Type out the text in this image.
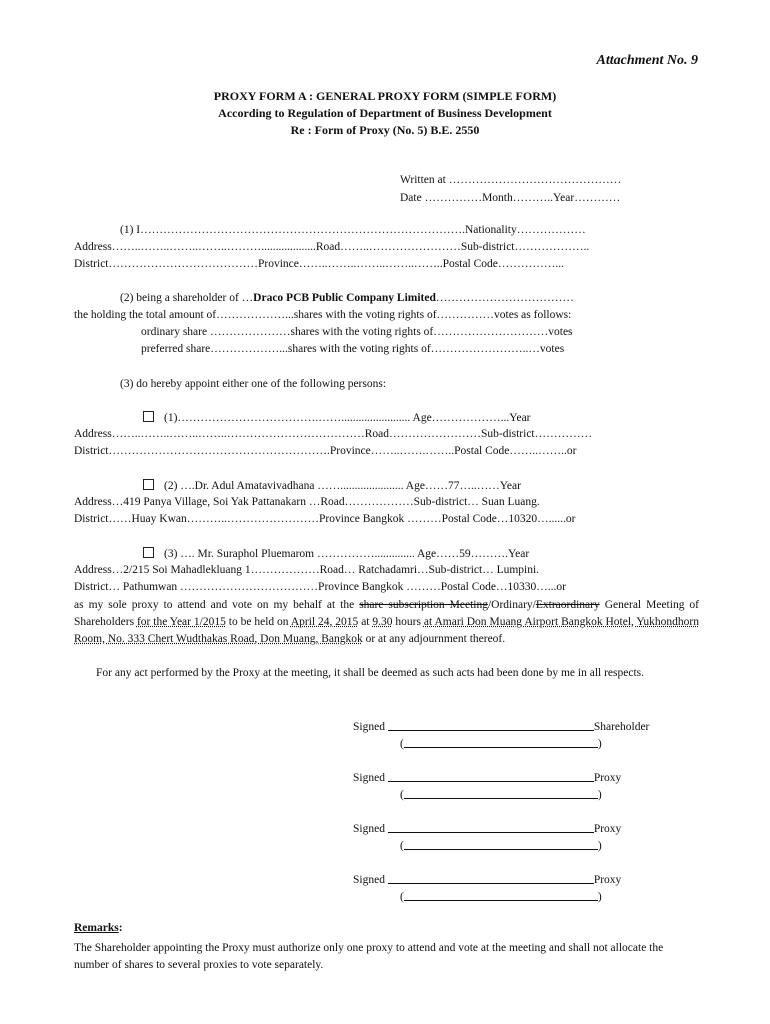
Attachment No. 9
PROXY FORM A : GENERAL PROXY FORM (SIMPLE FORM)
According to Regulation of Department of Business Development
Re : Form of Proxy (No. 5) B.E. 2550
Written at ………………………………………
Date ……………Month………..Year…………
(1) I………………………………………………………………………….Nationality………………
Address……..……..……..……..………...................Road……..……………………Sub-district………………..
District…………………………………Province……..……..……..……..……..Postal Code……………...
(2) being a shareholder of …Draco PCB Public Company Limited………………………………
the holding the total amount of………………...shares with the voting rights of……………votes as follows:
ordinary share …………………shares with the voting rights of…………………………votes
preferred share………………...shares with the voting rights of……………………..…votes
(3) do hereby appoint either one of the following persons:
(1)……………………………….……........................ Age………………...Year
Address……..……..……..……..………………………………Road……………………Sub-district……………
District………………………………………………….Province……..…….……..Postal Code……..……..or
(2) ….Dr. Adul Amatavivadhana ……...................... Age……77…..……Year
Address…419 Panya Village, Soi Yak Pattanakarn …Road………………Sub-district… Suan Luang.
District……Huay Kwan………..……………………Province Bangkok ………Postal Code…10320…......or
(3) …. Mr. Suraphol Pluemarom …………….............. Age……59……….Year
Address…2/215 Soi Mahadlekluang 1………………Road… Ratchadamri…Sub-district… Lumpini.
District… Pathumwan ………………………………Province Bangkok ………Postal Code…10330…...or
as my sole proxy to attend and vote on my behalf at the share subscription Meeting/Ordinary/Extraordinary General Meeting of Shareholders for the Year 1/2015 to be held on April 24, 2015 at 9.30 hours at Amari Don Muang Airport Bangkok Hotel, Yukhondhorn Room, No. 333 Chert Wudthakas Road, Don Muang, Bangkok or at any adjournment thereof.
For any act performed by the Proxy at the meeting, it shall be deemed as such acts had been done by me in all respects.
Signed	Shareholder
(	)
Signed	Proxy
(	)
Signed	Proxy
(	)
Signed	Proxy
(	)
Remarks:
The Shareholder appointing the Proxy must authorize only one proxy to attend and vote at the meeting and shall not allocate the number of shares to several proxies to vote separately.
